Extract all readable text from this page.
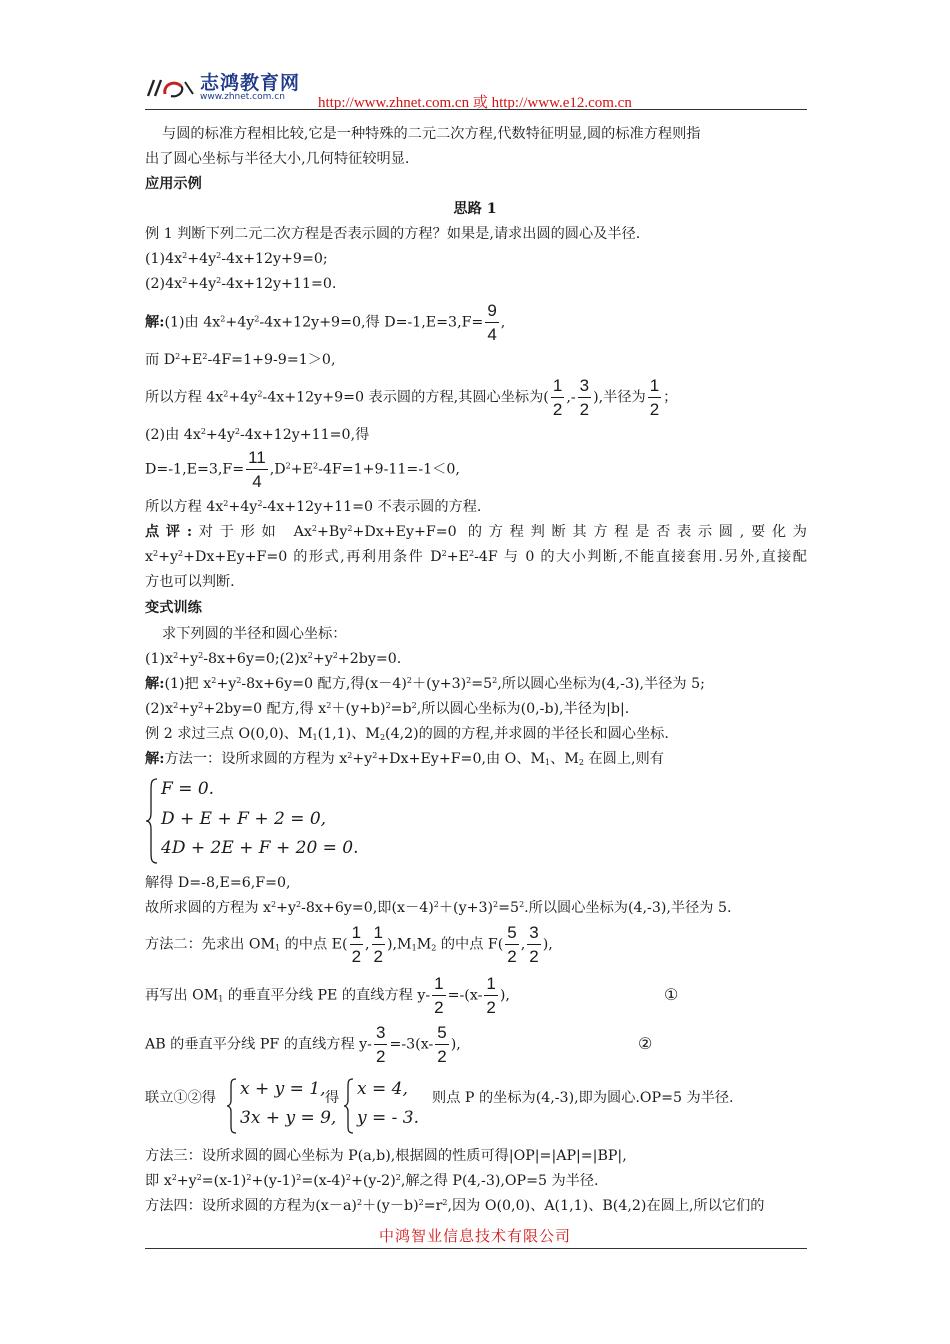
志鸿教育网
www.zhnet.com.cn http://www.zhnet.com.cn 或 http://www.e12.com.cn
与圆的标准方程相比较,它是一种特殊的二元二次方程,代数特征明显,圆的标准方程则指
出了圆心坐标与半径大小,几何特征较明显.
应用示例
思路 1
例 1 判断下列二元二次方程是否表示圆的方程？如果是,请求出圆的圆心及半径.
$(1)4x^2+4y^2-4x+12y+9=0$;
$(2)4x^2+4y^2-4x+12y+11=0$.
解:(1)由 $4x^2+4y^2-4x+12y+9=0$,得 $D=-1,E=3,F= \frac{9}{4}$ ,
而 $D^2+E^2-4F=1+9-9=1>0$,
所以方程 $4x^2+4y^2-4x+12y+9=0$ 表示圆的方程,其圆心坐标为( $\frac{1}{2}$ ,- $\frac{3}{2}$ ),半径为 $\frac{1}{2}$ ；
(2)由 $4x^2+4y^2-4x+12y+11=0$,得
$D=-1,E=3,F= \frac{11}{4} ,D^2+E^2-4F=1+9-11=-1<0$,
所以方程 $4x^2+4y^2-4x+12y+11=0$ 不表示圆的方程.
点评:对于形如 $Ax^2+By^2+Dx+Ey+F=0$ 的方程判断其方程是否表示圆,要化为
$x^2+y^2+Dx+Ey+F=0$ 的形式,再利用条件 $D^2+E^2-4F$ 与 0 的大小判断,不能直接套用.另外,直接配
方也可以判断.
变式训练
求下列圆的半径和圆心坐标：
$(1)x^2+y^2-8x+6y=0;(2)x^2+y^2+2by=0$.
解:(1)把 $x^2+y^2-8x+6y=0$ 配方,得$(x-4)^2+(y+3)^2=5^2$,所以圆心坐标为(4,-3),半径为 5;
$(2)x^2+y^2+2by=0$ 配方,得 $x^2+(y+b)^2=b^2$,所以圆心坐标为(0,-b),半径为|b|.
例 2 求过三点 O(0,0)、$M_1(1,1)$、$M_2(4,2)$的圆的方程,并求圆的半径长和圆心坐标.
解:方法一：设所求圆的方程为 $x^2+y^2+Dx+Ey+F=0$,由 O、$M_1$、$M_2$ 在圆上,则有
F = 0.
D + E + F + 2 = 0,
4D + 2E + F + 20 = 0.
解得 D=-8,E=6,F=0,
故所求圆的方程为 $x^2+y^2-8x+6y=0$,即$(x-4)^2+(y+3)^2=5^2$.所以圆心坐标为(4,-3),半径为 5.
方法二：先求出 $OM_1$ 的中点 $E( \frac{1}{2}$ , $\frac{1}{2} ),M_1M_2$ 的中点 $F( \frac{5}{2}$ , $\frac{3}{2}$ ),
再写出 $OM_1$ 的垂直平分线 PE 的直线方程 $y- \frac{1}{2} =-(x- \frac{1}{2}$ ),	①
AB 的垂直平分线 PF 的直线方程 $y- \frac{3}{2} =-3(x- \frac{5}{2}$ ),	②
联立①②得 x + y = 1,
3x + y = 9,
得 x = 4,
y = - 3.
则点 P 的坐标为(4,-3),即为圆心.OP=5 为半径.
方法三：设所求圆的圆心坐标为 P(a,b),根据圆的性质可得|OP|=|AP|=|BP|,
即 $x^2+y^2=(x-1)^2+(y-1)^2=(x-4)^2+(y-2)^2$,解之得 P(4,-3),OP=5 为半径.
方法四：设所求圆的方程为$(x-a)^2+(y-b)^2=r^2$,因为 O(0,0)、A(1,1)、B(4,2)在圆上,所以它们的
中鸿智业信息技术有限公司
